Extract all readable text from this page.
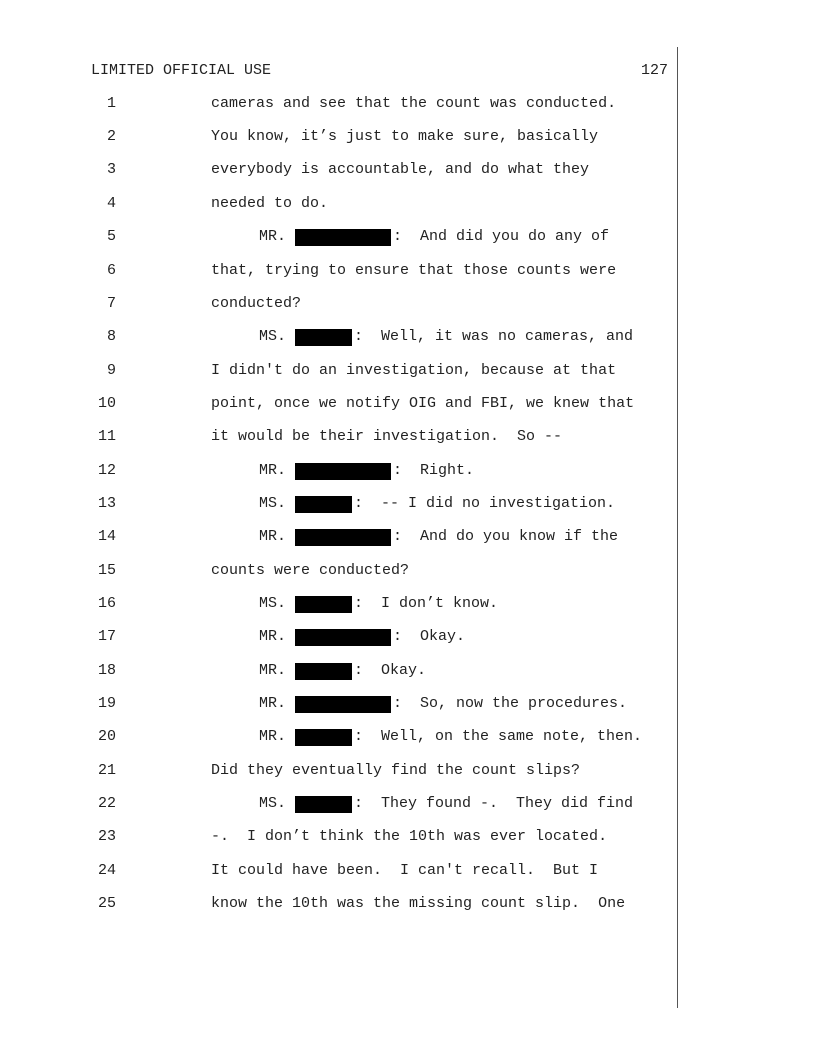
LIMITED OFFICIAL USE	127
1	cameras and see that the count was conducted.
2	You know, it’s just to make sure, basically
3	everybody is accountable, and do what they
4	needed to do.
5	MR.	:  And did you do any of
6	that, trying to ensure that those counts were
7	conducted?
8	MS.	:  Well, it was no cameras, and
9	I didn't do an investigation, because at that
10	point, once we notify OIG and FBI, we knew that
11	it would be their investigation.  So --
12	MR.	:  Right.
13	MS.	:  -- I did no investigation.
14	MR.	:  And do you know if the
15	counts were conducted?
16	MS.	:  I don’t know.
17	MR.	:  Okay.
18	MR.	:  Okay.
19	MR.	:  So, now the procedures.
20	MR.	:  Well, on the same note, then.
21	Did they eventually find the count slips?
22	MS.	:  They found -.  They did find
23	-.  I don’t think the 10th was ever located.
24	It could have been.  I can't recall.  But I
25	know the 10th was the missing count slip.  One
